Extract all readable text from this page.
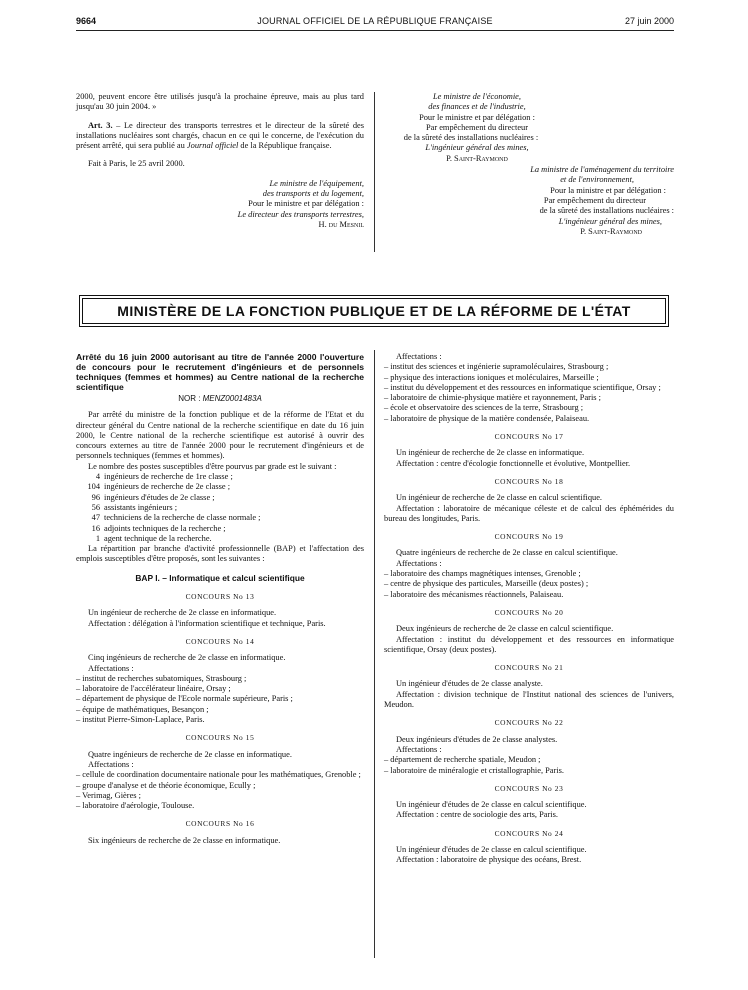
9664	JOURNAL OFFICIEL DE LA RÉPUBLIQUE FRANÇAISE	27 juin 2000

2000, peuvent encore être utilisés jusqu'à la prochaine épreuve, mais au plus tard jusqu'au 30 juin 2004. »

Art. 3. – Le directeur des transports terrestres et le directeur de la sûreté des installations nucléaires sont chargés, chacun en ce qui le concerne, de l'exécution du présent arrêté, qui sera publié au Journal officiel de la République française.

Fait à Paris, le 25 avril 2000.

Le ministre de l'équipement,

des transports et du logement,

Pour le ministre et par délégation :

Le directeur des transports terrestres,

H. du Mesnil

Le ministre de l'économie,

des finances et de l'industrie,

Pour le ministre et par délégation :

Par empêchement du directeur

de la sûreté des installations nucléaires :

L'ingénieur général des mines,

P. Saint-Raymond

La ministre de l'aménagement du territoire

et de l'environnement,

Pour la ministre et par délégation :

Par empêchement du directeur

de la sûreté des installations nucléaires :

L'ingénieur général des mines,

P. Saint-Raymond

MINISTÈRE DE LA FONCTION PUBLIQUE ET DE LA RÉFORME DE L'ÉTAT

Arrêté du 16 juin 2000 autorisant au titre de l'année 2000 l'ouverture de concours pour le recrutement d'ingénieurs et de personnels techniques (femmes et hommes) au Centre national de la recherche scientifique

NOR : MENZ0001483A

Par arrêté du ministre de la fonction publique et de la réforme de l'Etat et du directeur général du Centre national de la recherche scientifique en date du 16 juin 2000, le Centre national de la recherche scientifique est autorisé à ouvrir des concours externes au titre de l'année 2000 pour le recrutement d'ingénieurs et de personnels techniques (femmes et hommes).

Le nombre des postes susceptibles d'être pourvus par grade est le suivant :

4 ingénieurs de recherche de 1re classe ;
104 ingénieurs de recherche de 2e classe ;
96 ingénieurs d'études de 2e classe ;
56 assistants ingénieurs ;
47 techniciens de la recherche de classe normale ;
16 adjoints techniques de la recherche ;
1 agent technique de la recherche.

La répartition par branche d'activité professionnelle (BAP) et l'affectation des emplois susceptibles d'être proposés, sont les suivantes :

BAP I. – Informatique et calcul scientifique

CONCOURS No 13

Un ingénieur de recherche de 2e classe en informatique.

Affectation : délégation à l'information scientifique et technique, Paris.

CONCOURS No 14

Cinq ingénieurs de recherche de 2e classe en informatique.

Affectations :

– institut de recherches subatomiques, Strasbourg ;

– laboratoire de l'accélérateur linéaire, Orsay ;

– département de physique de l'Ecole normale supérieure, Paris ;

– équipe de mathématiques, Besançon ;

– institut Pierre-Simon-Laplace, Paris.

CONCOURS No 15

Quatre ingénieurs de recherche de 2e classe en informatique.

Affectations :

– cellule de coordination documentaire nationale pour les mathématiques, Grenoble ;

– groupe d'analyse et de théorie économique, Ecully ;

– Verimag, Gières ;

– laboratoire d'aérologie, Toulouse.

CONCOURS No 16

Six ingénieurs de recherche de 2e classe en informatique.

Affectations :

– institut des sciences et ingénierie supramoléculaires, Strasbourg ;

– physique des interactions ioniques et moléculaires, Marseille ;

– institut du développement et des ressources en informatique scientifique, Orsay ;

– laboratoire de chimie-physique matière et rayonnement, Paris ;

– école et observatoire des sciences de la terre, Strasbourg ;

– laboratoire de physique de la matière condensée, Palaiseau.

CONCOURS No 17

Un ingénieur de recherche de 2e classe en informatique.

Affectation : centre d'écologie fonctionnelle et évolutive, Montpellier.

CONCOURS No 18

Un ingénieur de recherche de 2e classe en calcul scientifique.

Affectation : laboratoire de mécanique céleste et de calcul des éphémérides du bureau des longitudes, Paris.

CONCOURS No 19

Quatre ingénieurs de recherche de 2e classe en calcul scientifique.

Affectations :

– laboratoire des champs magnétiques intenses, Grenoble ;

– centre de physique des particules, Marseille (deux postes) ;

– laboratoire des mécanismes réactionnels, Palaiseau.

CONCOURS No 20

Deux ingénieurs de recherche de 2e classe en calcul scientifique.

Affectation : institut du développement et des ressources en informatique scientifique, Orsay (deux postes).

CONCOURS No 21

Un ingénieur d'études de 2e classe analyste.

Affectation : division technique de l'Institut national des sciences de l'univers, Meudon.

CONCOURS No 22

Deux ingénieurs d'études de 2e classe analystes.

Affectations :

– département de recherche spatiale, Meudon ;

– laboratoire de minéralogie et cristallographie, Paris.

CONCOURS No 23

Un ingénieur d'études de 2e classe en calcul scientifique.

Affectation : centre de sociologie des arts, Paris.

CONCOURS No 24

Un ingénieur d'études de 2e classe en calcul scientifique.

Affectation : laboratoire de physique des océans, Brest.
